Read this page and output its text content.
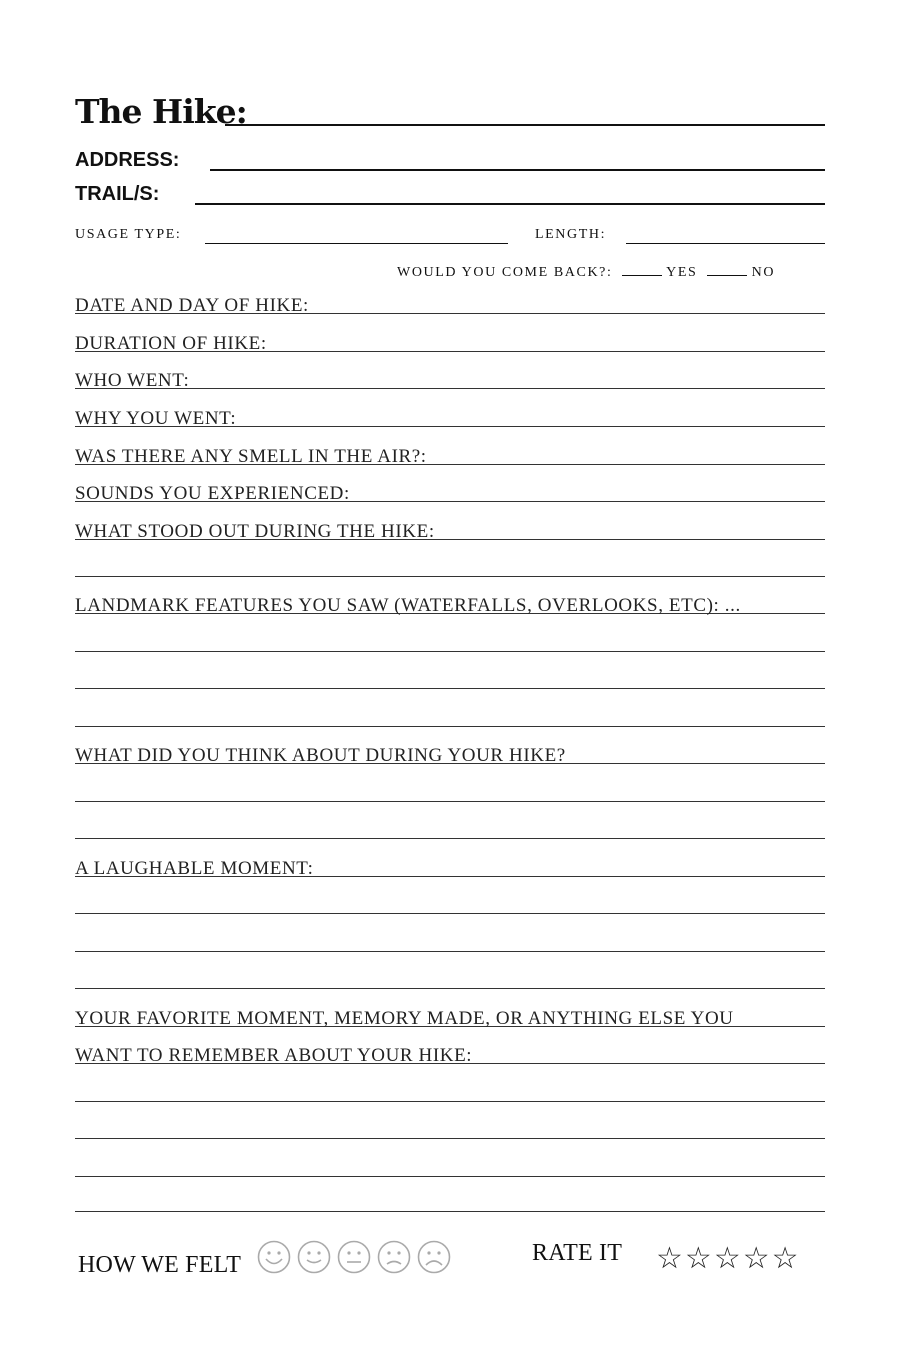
The Hike:
ADDRESS:
TRAIL/S:
USAGE TYPE:	LENGTH:
WOULD YOU COME BACK?:	YES	NO
DATE AND DAY OF HIKE:
DURATION OF HIKE:
WHO WENT:
WHY YOU WENT:
WAS THERE ANY SMELL IN THE AIR?:
SOUNDS YOU EXPERIENCED:
WHAT STOOD OUT DURING THE HIKE:
LANDMARK FEATURES YOU SAW (WATERFALLS, OVERLOOKS, ETC): ...
WHAT DID YOU THINK ABOUT DURING YOUR HIKE?
A LAUGHABLE MOMENT:
YOUR FAVORITE MOMENT, MEMORY MADE, OR ANYTHING ELSE YOU
WANT TO REMEMBER ABOUT YOUR HIKE:
HOW WE FELT	RATE IT ☆ ☆ ☆ ☆ ☆
